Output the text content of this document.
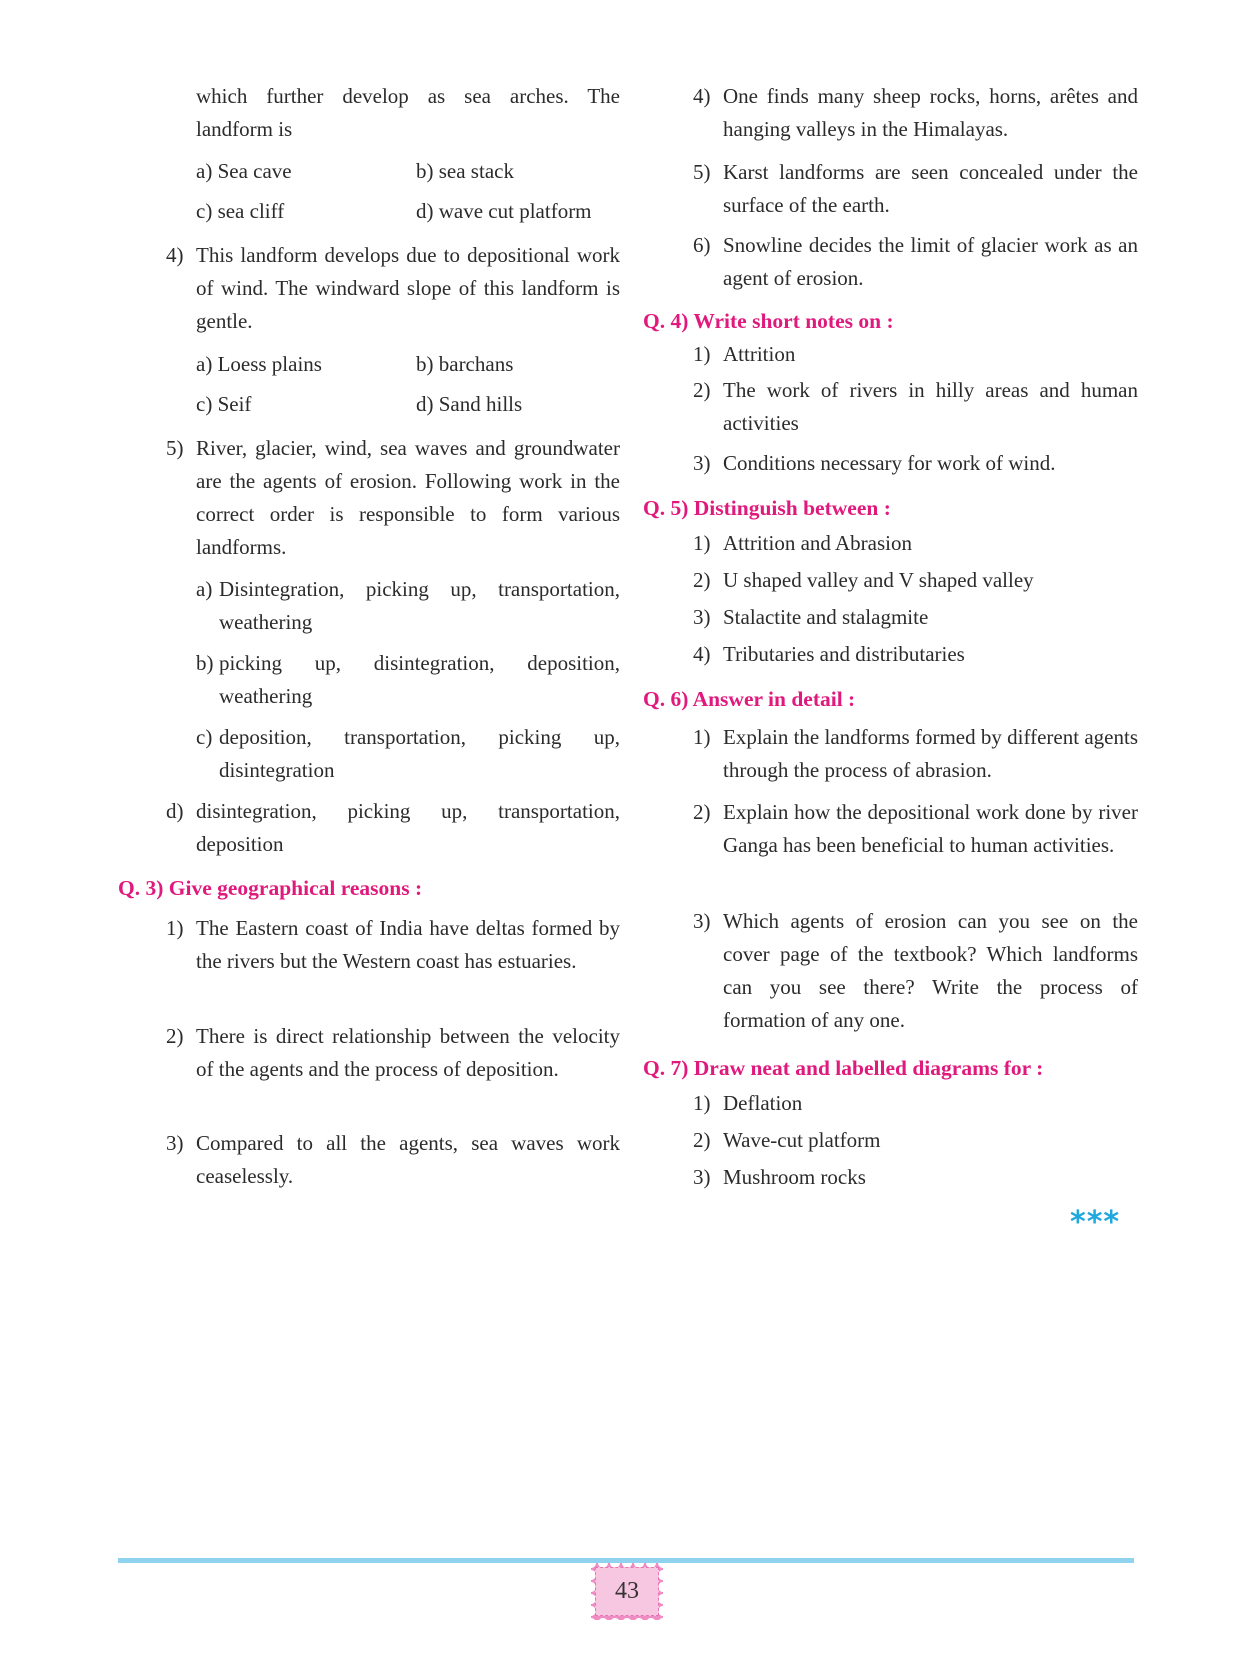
which further develop as sea arches. The landform is
a) Sea cave	b) sea stack
c) sea cliff	d) wave cut platform
4) This landform develops due to depositional work of wind. The windward slope of this landform is gentle.
a) Loess plains	b) barchans
c) Seif	d) Sand hills
5) River, glacier, wind, sea waves and groundwater are the agents of erosion. Following work in the correct order is responsible to form various landforms.
a) Disintegration, picking up, transportation, weathering
b) picking up, disintegration, deposition, weathering
c) deposition, transportation, picking up, disintegration
d) disintegration, picking up, transportation, deposition
Q. 3) Give geographical reasons :
1) The Eastern coast of India have deltas formed by the rivers but the Western coast has estuaries.
2) There is direct relationship between the velocity of the agents and the process of deposition.
3) Compared to all the agents, sea waves work ceaselessly.
4) One finds many sheep rocks, horns, arêtes and hanging valleys in the Himalayas.
5) Karst landforms are seen concealed under the surface of the earth.
6) Snowline decides the limit of glacier work as an agent of erosion.
Q. 4) Write short notes on :
1) Attrition
2) The work of rivers in hilly areas and human activities
3) Conditions necessary for work of wind.
Q. 5) Distinguish between :
1) Attrition and Abrasion
2) U shaped valley and V shaped valley
3) Stalactite and stalagmite
4) Tributaries and distributaries
Q. 6) Answer in detail :
1) Explain the landforms formed by different agents through the process of abrasion.
2) Explain how the depositional work done by river Ganga has been beneficial to human activities.
3) Which agents of erosion can you see on the cover page of the textbook? Which landforms can you see there? Write the process of formation of any one.
Q. 7) Draw neat and labelled diagrams for :
1) Deflation
2) Wave-cut platform
3) Mushroom rocks
***
43
